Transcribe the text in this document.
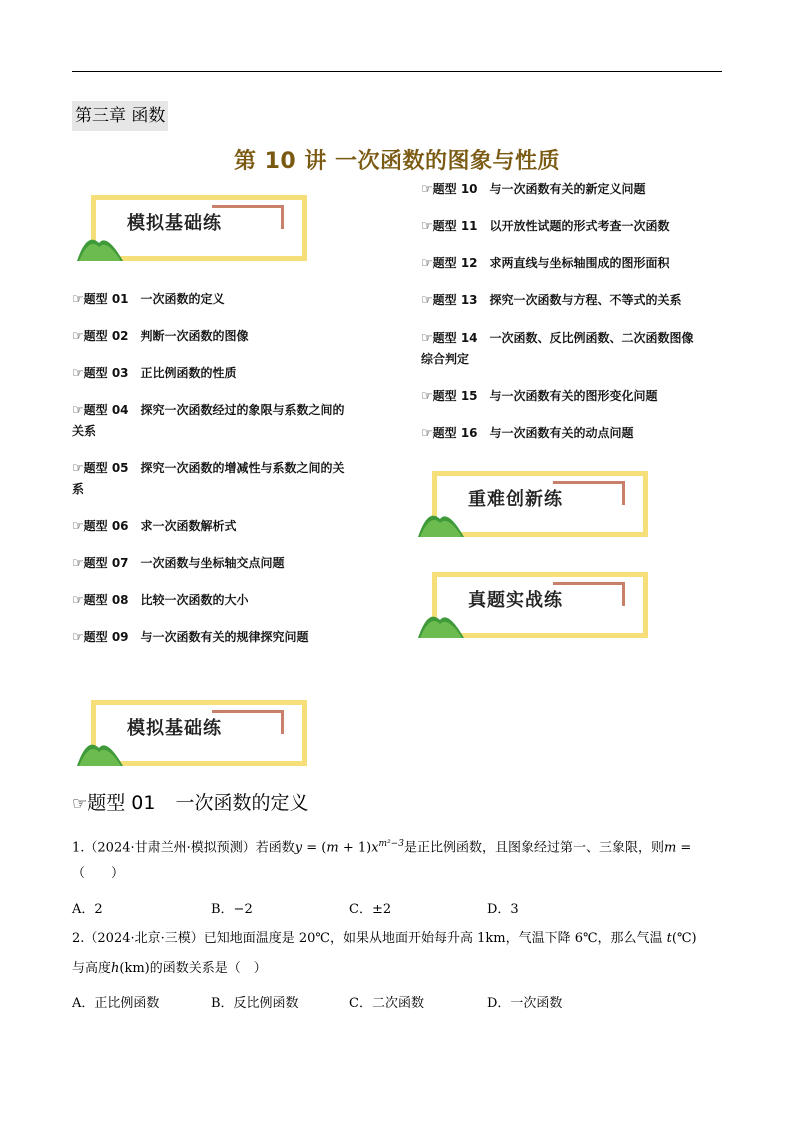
第三章 函数
第 10 讲 一次函数的图象与性质
模拟基础练
重难创新练
真题实战练
模拟基础练
☞题型 01 一次函数的定义
☞题型 02 判断一次函数的图像
☞题型 03 正比例函数的性质
☞题型 04 探究一次函数经过的象限与系数之间的
关系
☞题型 05 探究一次函数的增减性与系数之间的关
系
☞题型 06 求一次函数解析式
☞题型 07 一次函数与坐标轴交点问题
☞题型 08 比较一次函数的大小
☞题型 09 与一次函数有关的规律探究问题
☞题型 10 与一次函数有关的新定义问题
☞题型 11 以开放性试题的形式考查一次函数
☞题型 12 求两直线与坐标轴围成的图形面积
☞题型 13 探究一次函数与方程、不等式的关系
☞题型 14 一次函数、反比例函数、二次函数图像
综合判定
☞题型 15 与一次函数有关的图形变化问题
☞题型 16 与一次函数有关的动点问题
☞题型 01 一次函数的定义
1.（2024·甘肃兰州·模拟预测）若函数$y = (m + 1)x^{m^2-3}$是正比例函数，且图象经过第一、三象限，则m =
（　　）
A．2	B．−2	C．±2	D．3
2.（2024·北京·三模）已知地面温度是 20℃，如果从地面开始每升高 1km，气温下降 6℃，那么气温 t(℃)
与高度h(km)的函数关系是（　）
A．正比例函数	B．反比例函数	C．二次函数	D．一次函数
